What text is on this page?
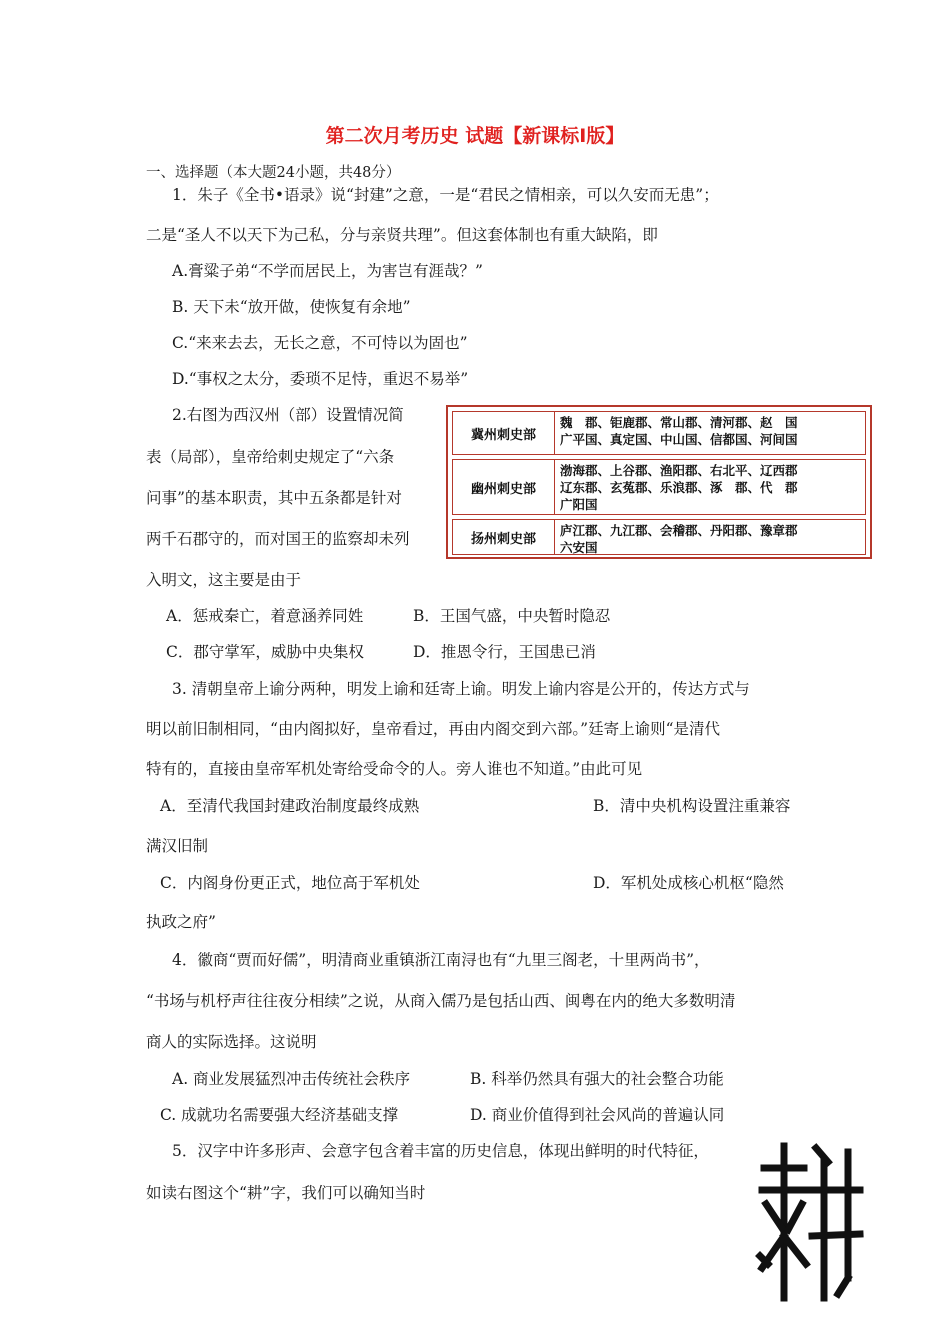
第二次月考历史 试题【新课标Ⅰ版】
一、选择题（本大题24小题，共48分）
1．朱子《全书•语录》说“封建”之意，一是“君民之情相亲，可以久安而无患”；
二是“圣人不以天下为己私，分与亲贤共理”。但这套体制也有重大缺陷，即
A.膏粱子弟“不学而居民上，为害岂有涯哉？”
B. 天下未“放开做，使恢复有余地”
C.“来来去去，无长之意，不可恃以为固也”
D.“事权之太分，委琐不足恃，重迟不易举”
2.右图为西汉州（部）设置情况简
表（局部），皇帝给刺史规定了“六条
问事”的基本职责，其中五条都是针对
两千石郡守的，而对国王的监察却未列
入明文，这主要是由于
冀州刺史部
魏　郡、钜鹿郡、常山郡、清河郡、赵　国
广平国、真定国、中山国、信都国、河间国
幽州刺史部
渤海郡、上谷郡、渔阳郡、右北平、辽西郡
辽东郡、玄菟郡、乐浪郡、涿　郡、代　郡
广阳国
扬州刺史部
庐江郡、九江郡、会稽郡、丹阳郡、豫章郡
六安国
A．惩戒秦亡，着意涵养同姓	B．王国气盛，中央暂时隐忍
C．郡守掌军，威胁中央集权	D．推恩令行，王国患已消
3. 清朝皇帝上谕分两种，明发上谕和廷寄上谕。明发上谕内容是公开的，传达方式与
明以前旧制相同，“由内阁拟好，皇帝看过，再由内阁交到六部。”廷寄上谕则“是清代
特有的，直接由皇帝军机处寄给受命令的人。旁人谁也不知道。”由此可见
A．至清代我国封建政治制度最终成熟	B．清中央机构设置注重兼容
满汉旧制
C．内阁身份更正式，地位高于军机处	D．军机处成核心机枢“隐然
执政之府”
4．徽商“贾而好儒”，明清商业重镇浙江南浔也有“九里三阁老，十里两尚书”，
“书场与机杼声往往夜分相续”之说，从商入儒乃是包括山西、闽粤在内的绝大多数明清
商人的实际选择。这说明
A. 商业发展猛烈冲击传统社会秩序	B. 科举仍然具有强大的社会整合功能
C. 成就功名需要强大经济基础支撑	D. 商业价值得到社会风尚的普遍认同
5．汉字中许多形声、会意字包含着丰富的历史信息，体现出鲜明的时代特征，
如读右图这个“耕”字，我们可以确知当时
